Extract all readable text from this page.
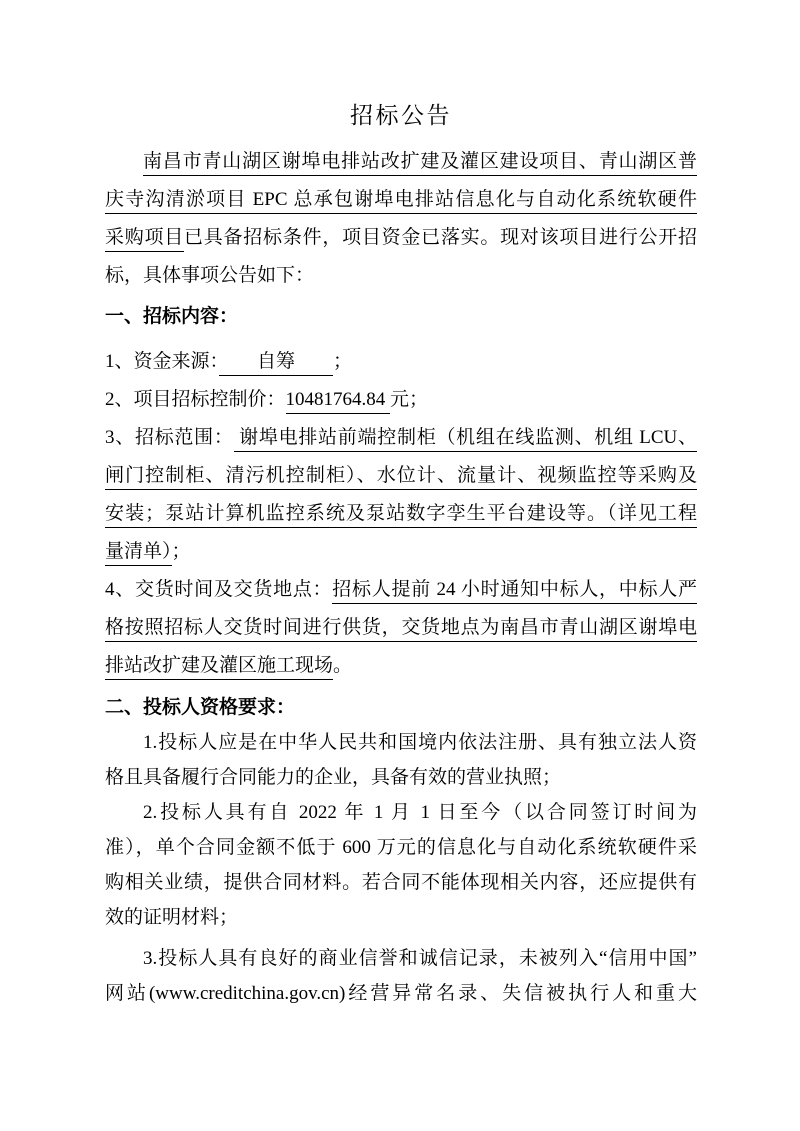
招标公告
南昌市青山湖区谢埠电排站改扩建及灌区建设项目、青山湖区普
庆寺沟清淤项目 EPC 总承包谢埠电排站信息化与自动化系统软硬件
采购项目已具备招标条件，项目资金已落实。现对该项目进行公开招
标，具体事项公告如下：
一、招标内容：
1、资金来源：　　自筹　　；
2、项目招标控制价：10481764.84 元；
3、招标范围： 谢埠电排站前端控制柜（机组在线监测、机组 LCU、
闸门控制柜、清污机控制柜）、水位计、流量计、视频监控等采购及
安装；泵站计算机监控系统及泵站数字孪生平台建设等。（详见工程
量清单）；
4、交货时间及交货地点：招标人提前 24 小时通知中标人，中标人严
格按照招标人交货时间进行供货，交货地点为南昌市青山湖区谢埠电
排站改扩建及灌区施工现场。
二、投标人资格要求：
1.投标人应是在中华人民共和国境内依法注册、具有独立法人资
格且具备履行合同能力的企业，具备有效的营业执照；
2.投标人具有自 2022 年 1 月 1 日至今（以合同签订时间为
准），单个合同金额不低于 600 万元的信息化与自动化系统软硬件采
购相关业绩，提供合同材料。若合同不能体现相关内容，还应提供有
效的证明材料；
3.投标人具有良好的商业信誉和诚信记录，未被列入“信用中国”
网站(www.creditchina.gov.cn)经营异常名录、失信被执行人和重大
